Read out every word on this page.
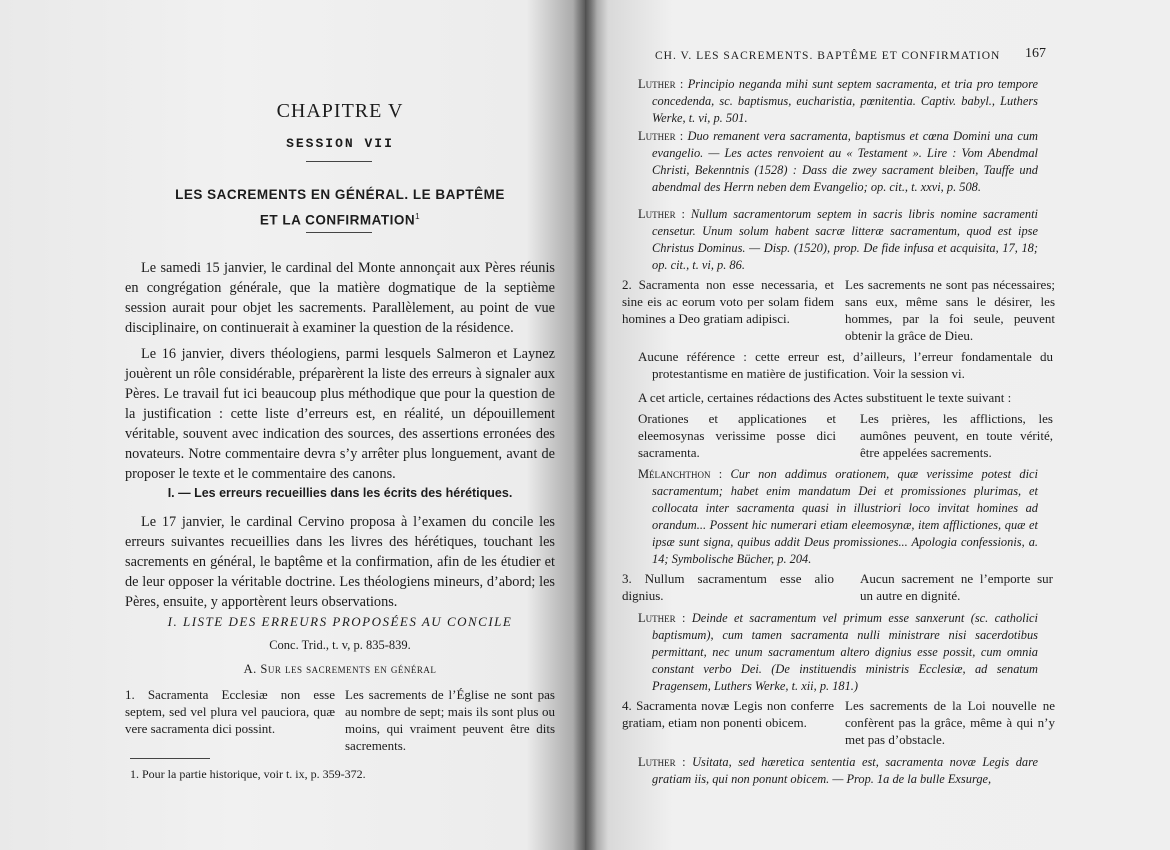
CHAPITRE V
SESSION VII
LES SACREMENTS EN GÉNÉRAL. LE BAPTÊME
ET LA CONFIRMATION$^1$

Le samedi 15 janvier, le cardinal del Monte annonçait aux Pères réunis en congrégation générale, que la matière dogmatique de la septième session aurait pour objet les sacrements. Parallèlement, au point de vue disciplinaire, on continuerait à examiner la question de la résidence.

Le 16 janvier, divers théologiens, parmi lesquels Salmeron et Laynez jouèrent un rôle considérable, préparèrent la liste des erreurs à signaler aux Pères. Le travail fut ici beaucoup plus méthodique que pour la question de la justification : cette liste d’erreurs est, en réalité, un dépouillement véritable, souvent avec indication des sources, des assertions erronées des novateurs. Notre commentaire devra s’y arrêter plus longuement, avant de proposer le texte et le commentaire des canons.

I. — Les erreurs recueillies dans les écrits des hérétiques.

Le 17 janvier, le cardinal Cervino proposa à l’examen du concile les erreurs suivantes recueillies dans les livres des hérétiques, touchant les sacrements en général, le baptême et la confirmation, afin de les étudier et de leur opposer la véritable doctrine. Les théologiens mineurs, d’abord; les Pères, ensuite, y apportèrent leurs observations.

I. LISTE DES ERREURS PROPOSÉES AU CONCILE
Conc. Trid., t. v, p. 835-839.
A. Sur les sacrements en général
1. Sacramenta Ecclesiæ non esse septem, sed vel plura vel pauciora, quæ vere sacramenta dici possint.
Les sacrements de l’Église ne sont pas au nombre de sept; mais ils sont plus ou moins, qui vraiment peuvent être dits sacrements.
1. Pour la partie historique, voir t. ix, p. 359-372.
CH. V. LES SACREMENTS. BAPTÊME ET CONFIRMATION	167
Luther : Principio neganda mihi sunt septem sacramenta, et tria pro tempore concedenda, sc. baptismus, eucharistia, pœnitentia. Captiv. babyl., Luthers Werke, t. vi, p. 501.
Luther : Duo remanent vera sacramenta, baptismus et cœna Domini una cum evangelio. — Les actes renvoient au « Testament ». Lire : Vom Abendmal Christi, Bekenntnis (1528) : Dass die zwey sacrament bleiben, Tauffe und abendmal des Herrn neben dem Evangelio; op. cit., t. xxvi, p. 508.
Luther : Nullum sacramentorum septem in sacris libris nomine sacramenti censetur. Unum solum habent sacræ litteræ sacramentum, quod est ipse Christus Dominus. — Disp. (1520), prop. De fide infusa et acquisita, 17, 18; op. cit., t. vi, p. 86.
2. Sacramenta non esse necessaria, et sine eis ac eorum voto per solam fidem homines a Deo gratiam adipisci.
Les sacrements ne sont pas nécessaires; sans eux, même sans le désirer, les hommes, par la foi seule, peuvent obtenir la grâce de Dieu.
Aucune référence : cette erreur est, d’ailleurs, l’erreur fondamentale du protestantisme en matière de justification. Voir la session vi.
A cet article, certaines rédactions des Actes substituent le texte suivant :
Orationes et applicationes et eleemosynas verissime posse dici sacramenta.
Les prières, les afflictions, les aumônes peuvent, en toute vérité, être appelées sacrements.
Mélanchthon : Cur non addimus orationem, quæ verissime potest dici sacramentum; habet enim mandatum Dei et promissiones plurimas, et collocata inter sacramenta quasi in illustriori loco invitat homines ad orandum... Possent hic numerari etiam eleemosynæ, item afflictiones, quæ et ipsæ sunt signa, quibus addit Deus promissiones... Apologia confessionis, a. 14; Symbolische Bücher, p. 204.
3. Nullum sacramentum esse alio dignius.
Aucun sacrement ne l’emporte sur un autre en dignité.
Luther : Deinde et sacramentum vel primum esse sanxerunt (sc. catholici baptismum), cum tamen sacramenta nulli ministrare nisi sacerdotibus permittant, nec unum sacramentum altero dignius esse possit, cum omnia constant verbo Dei. (De instituendis ministris Ecclesiæ, ad senatum Pragensem, Luthers Werke, t. xii, p. 181.)
4. Sacramenta novæ Legis non conferre gratiam, etiam non ponenti obicem.
Les sacrements de la Loi nouvelle ne confèrent pas la grâce, même à qui n’y met pas d’obstacle.
Luther : Usitata, sed hæretica sententia est, sacramenta novæ Legis dare gratiam iis, qui non ponunt obicem. — Prop. 1a de la bulle Exsurge,
